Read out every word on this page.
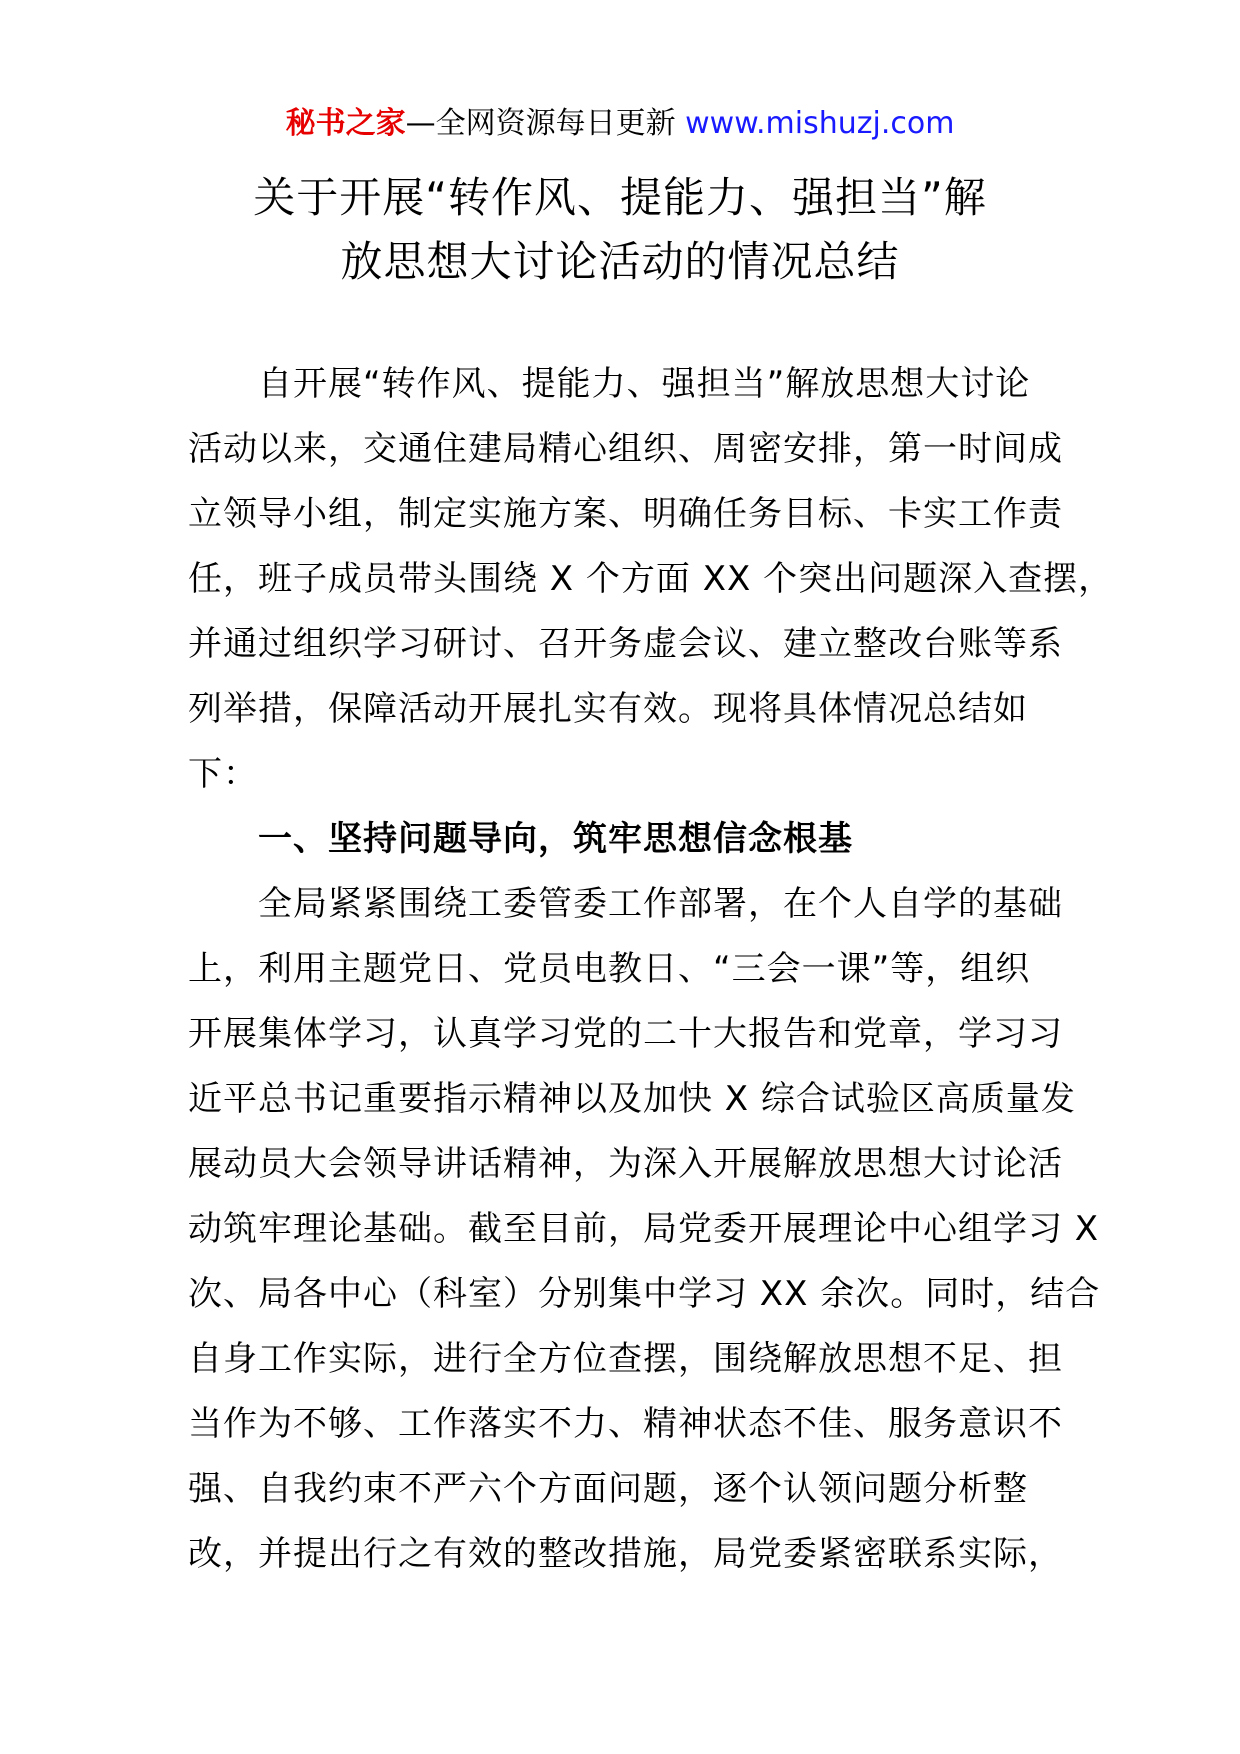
秘书之家—全网资源每日更新 www.mishuzj.com
关于开展“转作风、提能力、强担当”解
放思想大讨论活动的情况总结
　　自开展“转作风、提能力、强担当”解放思想大讨论
活动以来，交通住建局精心组织、周密安排，第一时间成
立领导小组，制定实施方案、明确任务目标、卡实工作责
任，班子成员带头围绕 X 个方面 XX 个突出问题深入查摆，
并通过组织学习研讨、召开务虚会议、建立整改台账等系
列举措，保障活动开展扎实有效。现将具体情况总结如
下：
　　一、坚持问题导向，筑牢思想信念根基
　　全局紧紧围绕工委管委工作部署，在个人自学的基础
上，利用主题党日、党员电教日、“三会一课”等，组织
开展集体学习，认真学习党的二十大报告和党章，学习习
近平总书记重要指示精神以及加快 X 综合试验区高质量发
展动员大会领导讲话精神，为深入开展解放思想大讨论活
动筑牢理论基础。截至目前，局党委开展理论中心组学习 X
次、局各中心（科室）分别集中学习 XX 余次。同时，结合
自身工作实际，进行全方位查摆，围绕解放思想不足、担
当作为不够、工作落实不力、精神状态不佳、服务意识不
强、自我约束不严六个方面问题，逐个认领问题分析整
改，并提出行之有效的整改措施，局党委紧密联系实际，
